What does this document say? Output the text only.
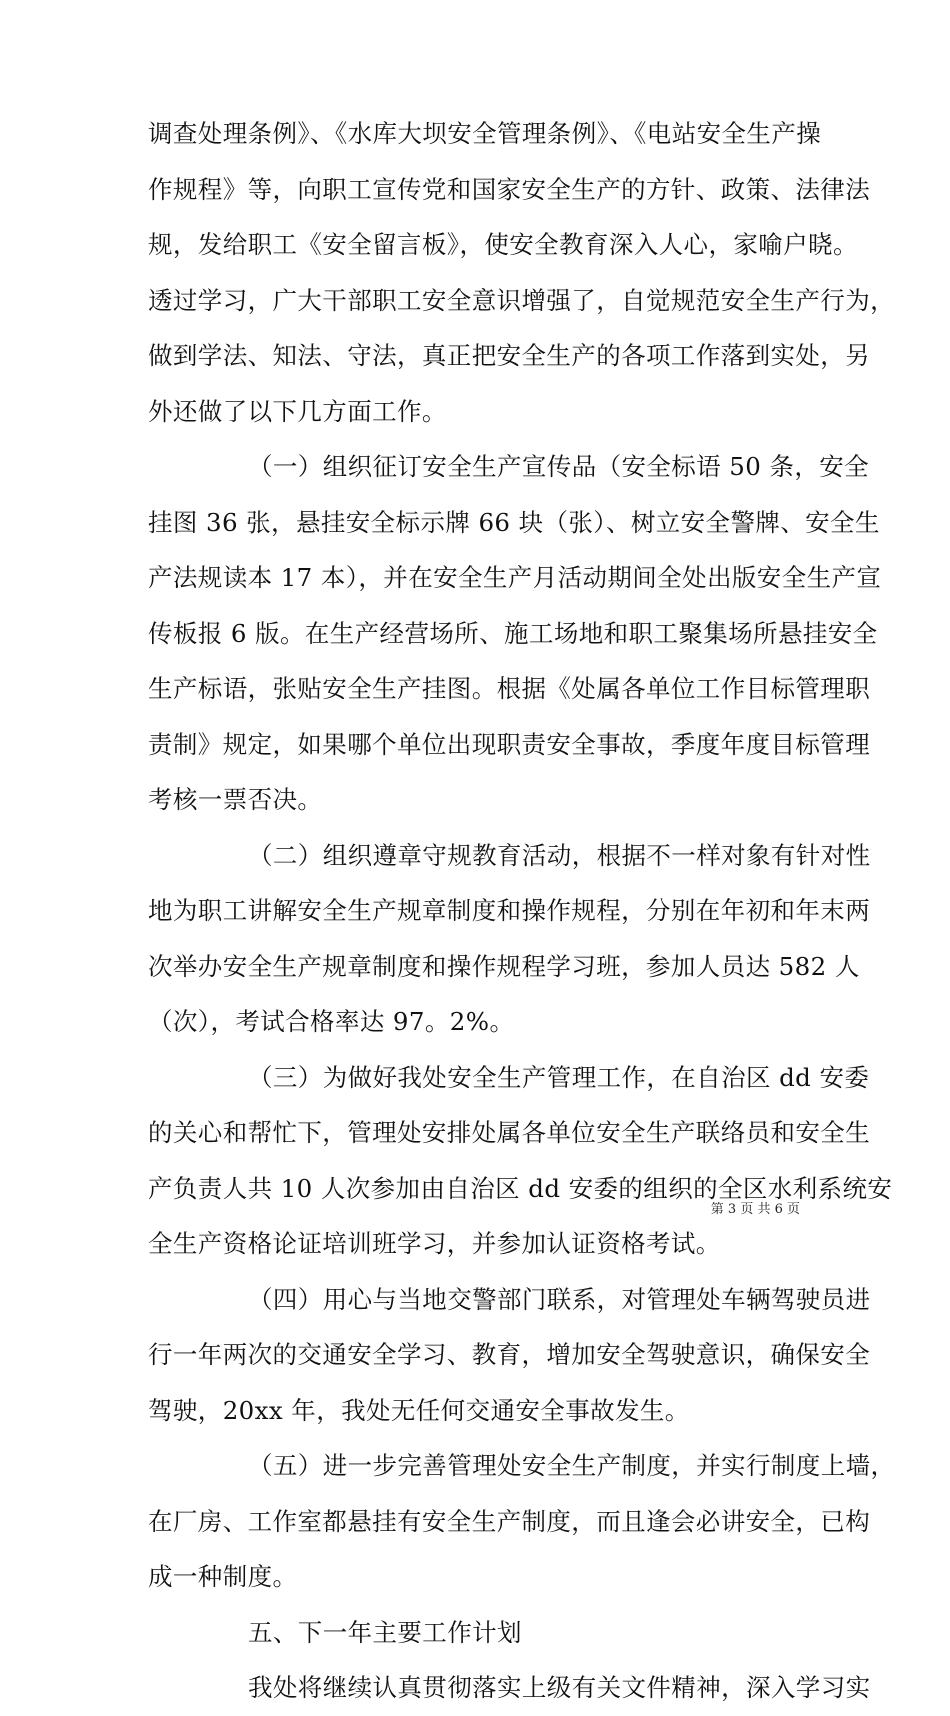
调查处理条例》、《水库大坝安全管理条例》、《电站安全生产操
作规程》等，向职工宣传党和国家安全生产的方针、政策、法律法
规，发给职工《安全留言板》，使安全教育深入人心，家喻户晓。
透过学习，广大干部职工安全意识增强了，自觉规范安全生产行为，
做到学法、知法、守法，真正把安全生产的各项工作落到实处，另
外还做了以下几方面工作。
（一）组织征订安全生产宣传品（安全标语 50 条，安全
挂图 36 张，悬挂安全标示牌 66 块（张）、树立安全警牌、安全生
产法规读本 17 本），并在安全生产月活动期间全处出版安全生产宣
传板报 6 版。在生产经营场所、施工场地和职工聚集场所悬挂安全
生产标语，张贴安全生产挂图。根据《处属各单位工作目标管理职
责制》规定，如果哪个单位出现职责安全事故，季度年度目标管理
考核一票否决。
（二）组织遵章守规教育活动，根据不一样对象有针对性
地为职工讲解安全生产规章制度和操作规程，分别在年初和年末两
次举办安全生产规章制度和操作规程学习班，参加人员达 582 人
（次），考试合格率达 97。2%。
（三）为做好我处安全生产管理工作，在自治区 dd 安委
的关心和帮忙下，管理处安排处属各单位安全生产联络员和安全生
产负责人共 10 人次参加由自治区 dd 安委的组织的全区水利系统安
全生产资格论证培训班学习，并参加认证资格考试。
（四）用心与当地交警部门联系，对管理处车辆驾驶员进
行一年两次的交通安全学习、教育，增加安全驾驶意识，确保安全
驾驶，20xx 年，我处无任何交通安全事故发生。
（五）进一步完善管理处安全生产制度，并实行制度上墙，
在厂房、工作室都悬挂有安全生产制度，而且逢会必讲安全，已构
成一种制度。
五、下一年主要工作计划
我处将继续认真贯彻落实上级有关文件精神，深入学习实
第 3 页 共 6 页
